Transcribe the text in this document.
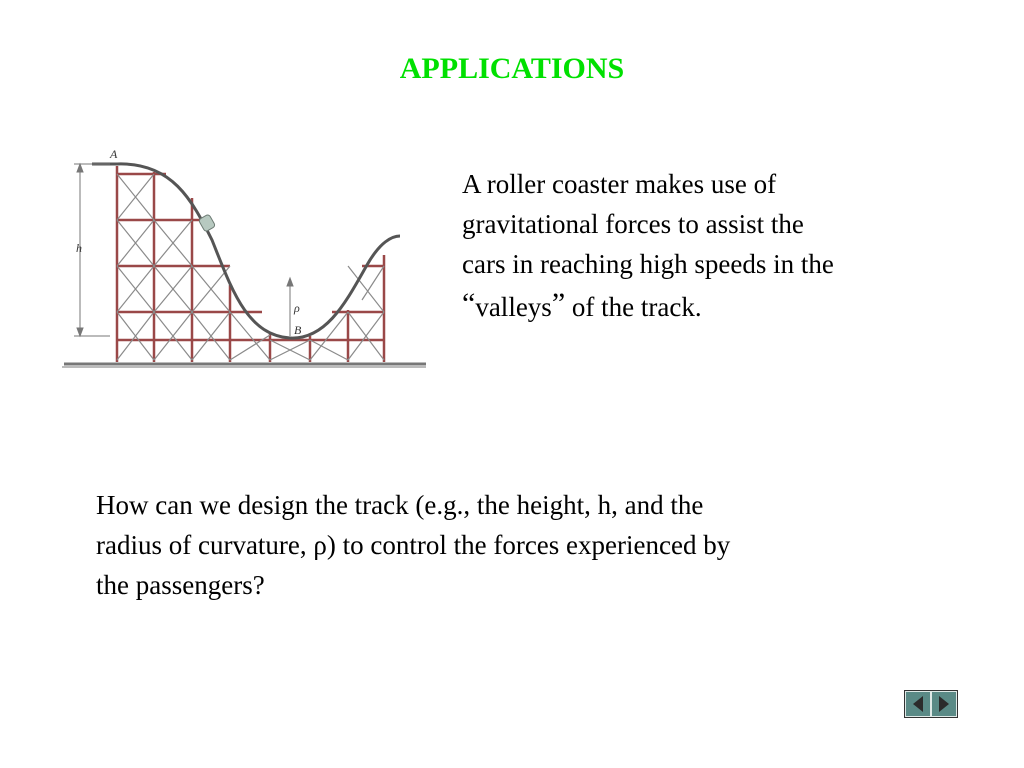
APPLICATIONS
A
h
ρ
B
A roller coaster makes use of
gravitational forces to assist the
cars in reaching high speeds in the
“valleys” of the track.
How can we design the track (e.g., the height, h, and the
radius of curvature, ρ) to control the forces experienced by
the passengers?
